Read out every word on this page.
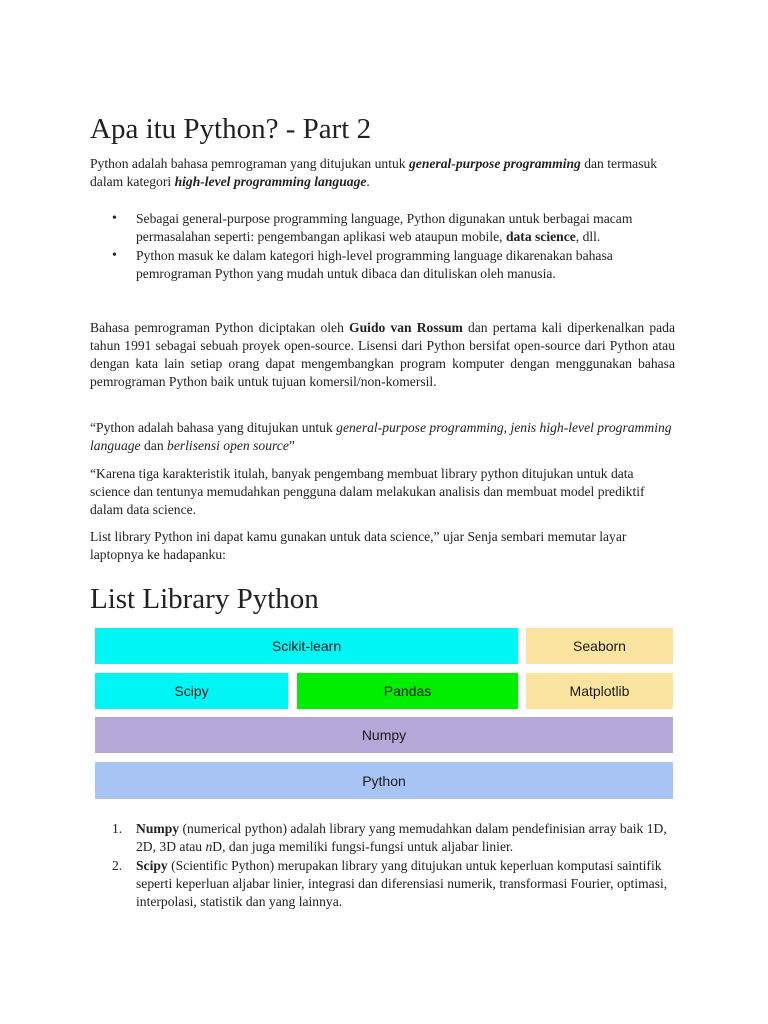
Apa itu Python? - Part 2
Python adalah bahasa pemrograman yang ditujukan untuk general-purpose programming dan termasuk dalam kategori high-level programming language.
• Sebagai general-purpose programming language, Python digunakan untuk berbagai macam permasalahan seperti: pengembangan aplikasi web ataupun mobile, data science, dll.
• Python masuk ke dalam kategori high-level programming language dikarenakan bahasa pemrograman Python yang mudah untuk dibaca dan dituliskan oleh manusia.
Bahasa pemrograman Python diciptakan oleh Guido van Rossum dan pertama kali diperkenalkan pada tahun 1991 sebagai sebuah proyek open-source. Lisensi dari Python bersifat open-source dari Python atau dengan kata lain setiap orang dapat mengembangkan program komputer dengan menggunakan bahasa pemrograman Python baik untuk tujuan komersil/non-komersil.
“Python adalah bahasa yang ditujukan untuk general-purpose programming, jenis high-level programming language dan berlisensi open source”
“Karena tiga karakteristik itulah, banyak pengembang membuat library python ditujukan untuk data science dan tentunya memudahkan pengguna dalam melakukan analisis dan membuat model prediktif dalam data science.
List library Python ini dapat kamu gunakan untuk data science,” ujar Senja sembari memutar layar laptopnya ke hadapanku:
List Library Python
1. Numpy (numerical python) adalah library yang memudahkan dalam pendefinisian array baik 1D, 2D, 3D atau nD, dan juga memiliki fungsi-fungsi untuk aljabar linier.
2. Scipy (Scientific Python) merupakan library yang ditujukan untuk keperluan komputasi saintifik seperti keperluan aljabar linier, integrasi dan diferensiasi numerik, transformasi Fourier, optimasi, interpolasi, statistik dan yang lainnya.
Scikit-learn	Seaborn
Scipy	Pandas	Matplotlib
Numpy
Python
